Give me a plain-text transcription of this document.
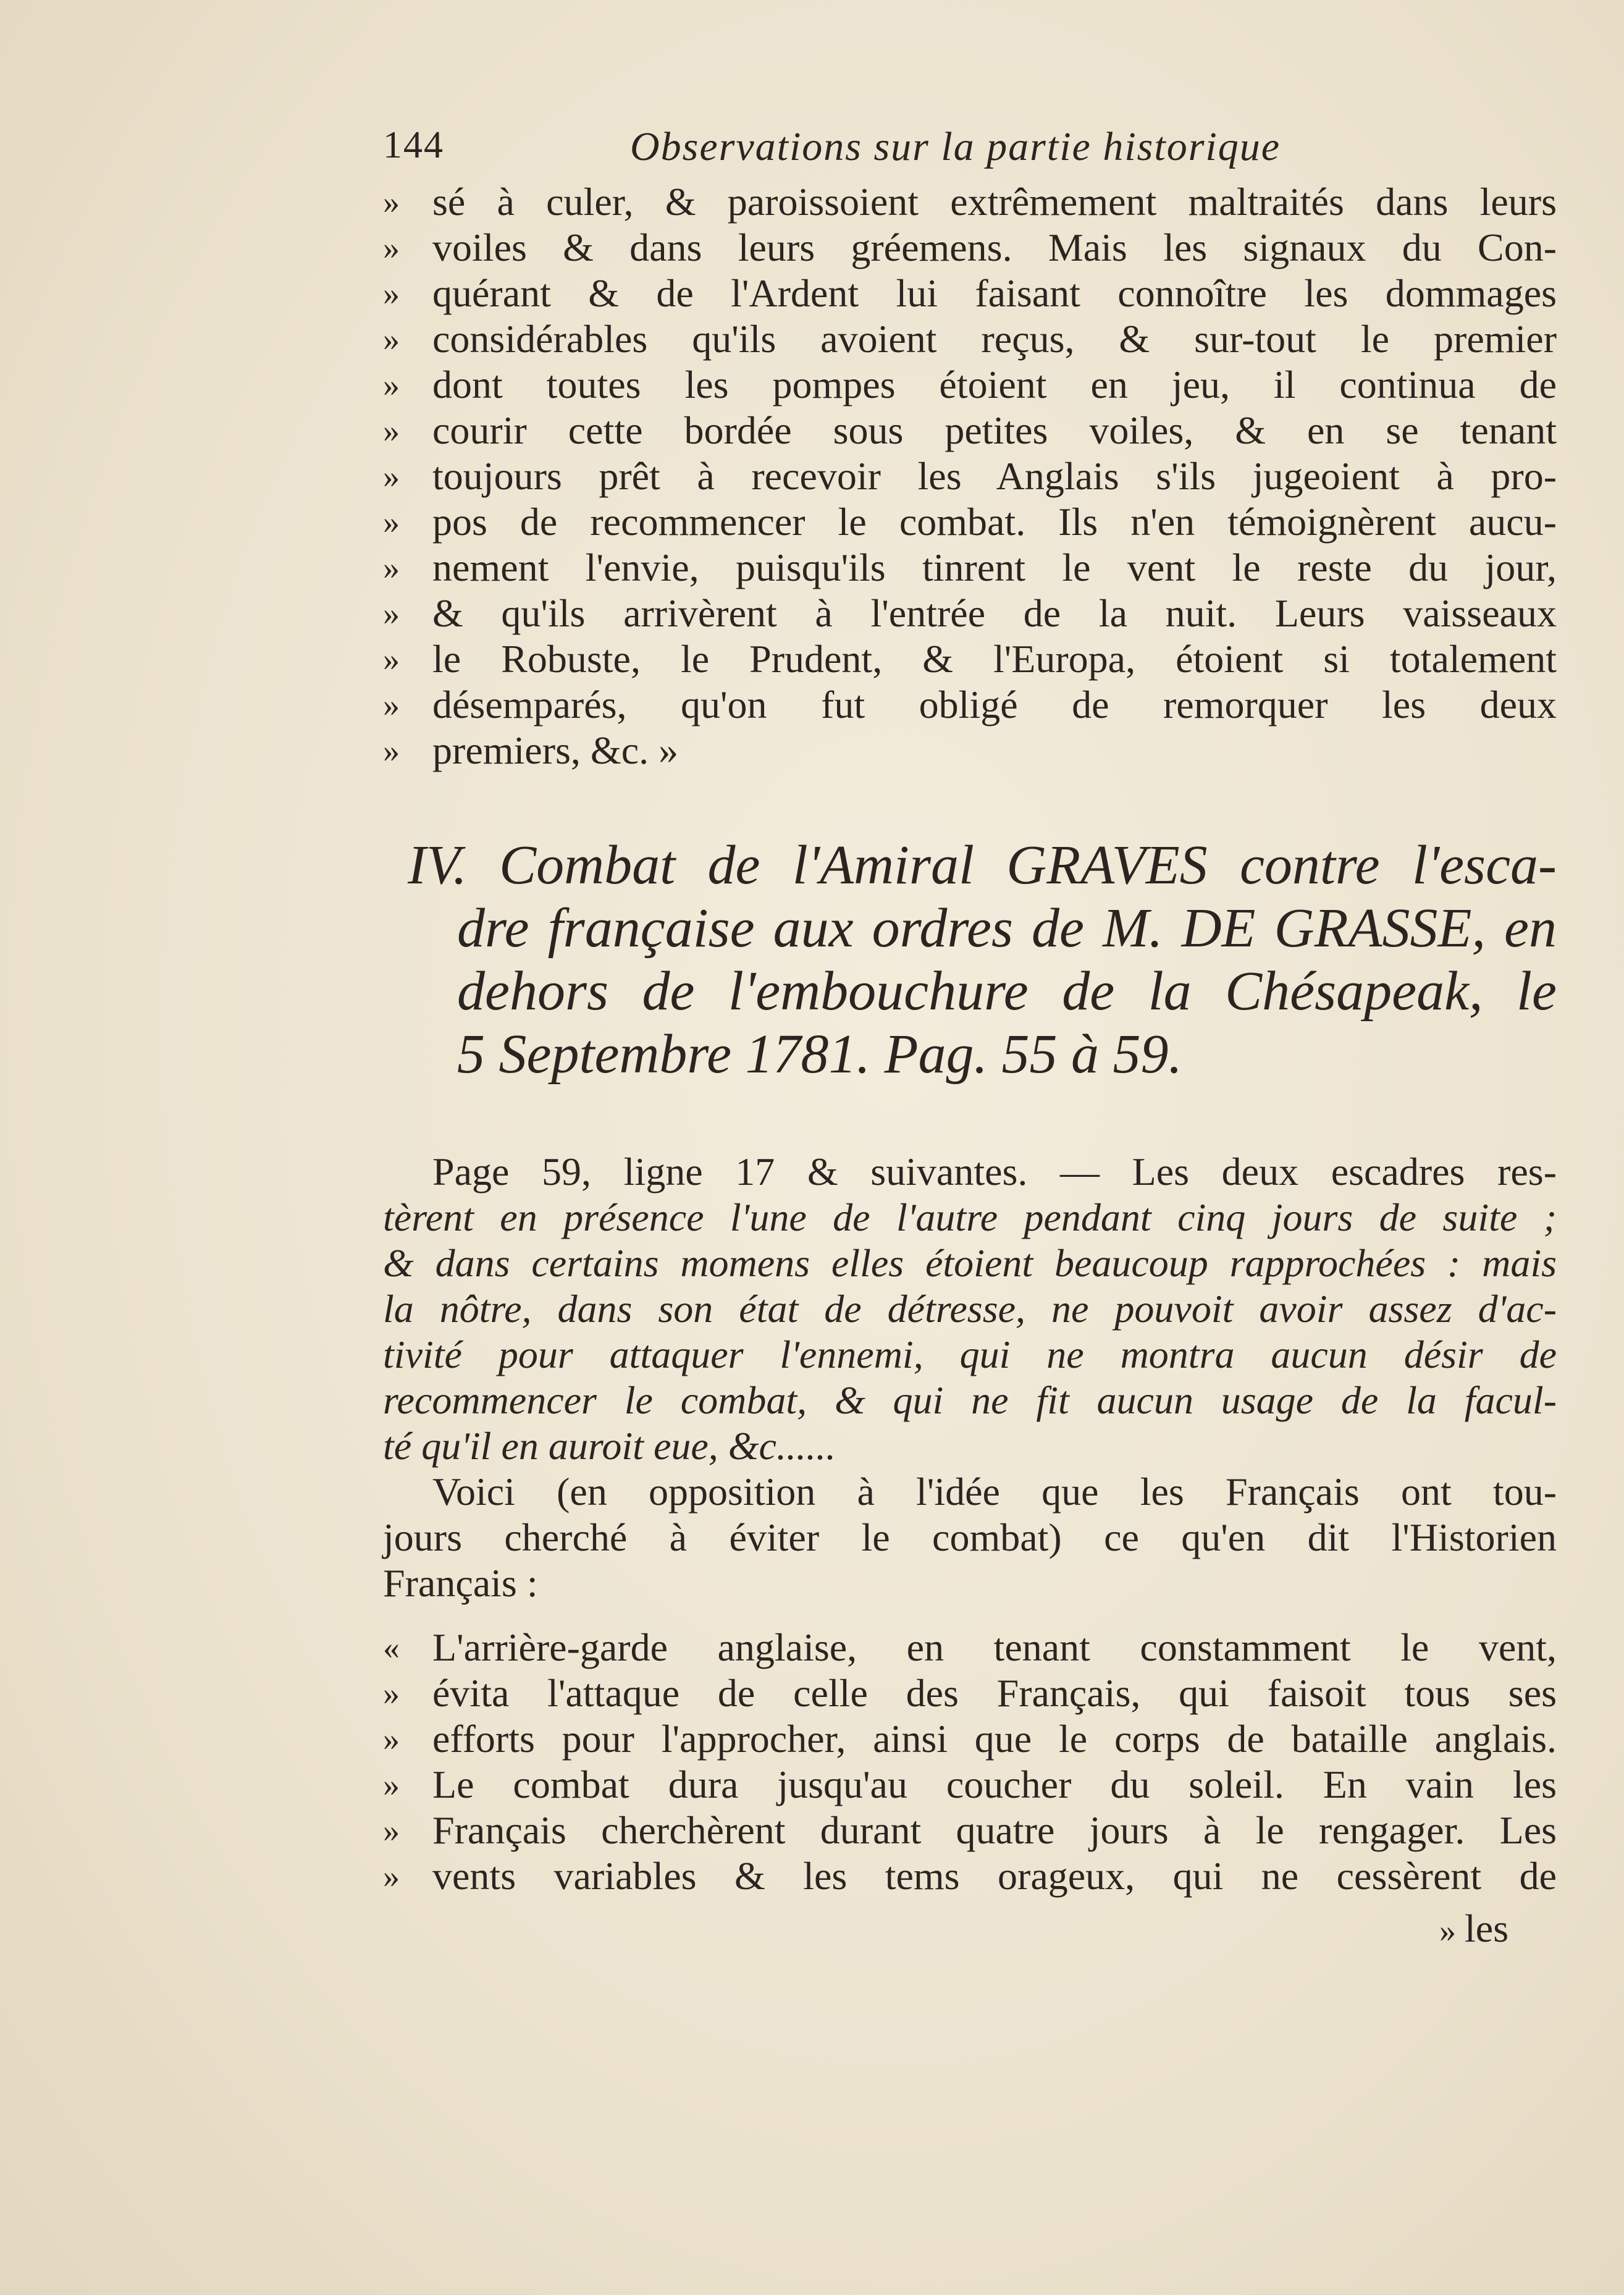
144	Observations sur la partie historique
» sé à culer, & paroissoient extrêmement maltraités dans leurs
» voiles & dans leurs gréemens. Mais les signaux du Con-
» quérant & de l'Ardent lui faisant connoître les dommages
» considérables qu'ils avoient reçus, & sur-tout le premier
» dont toutes les pompes étoient en jeu, il continua de
» courir cette bordée sous petites voiles, & en se tenant
» toujours prêt à recevoir les Anglais s'ils jugeoient à pro-
» pos de recommencer le combat. Ils n'en témoignèrent aucu-
» nement l'envie, puisqu'ils tinrent le vent le reste du jour,
» & qu'ils arrivèrent à l'entrée de la nuit. Leurs vaisseaux
» le Robuste, le Prudent, & l'Europa, étoient si totalement
» désemparés, qu'on fut obligé de remorquer les deux
» premiers, &c. »
IV. Combat de l'Amiral GRAVES contre l'esca-
dre française aux ordres de M. DE GRASSE, en
dehors de l'embouchure de la Chésapeak, le
5 Septembre 1781. Pag. 55 à 59.
Page 59, ligne 17 & suivantes. — Les deux escadres res-
tèrent en présence l'une de l'autre pendant cinq jours de suite ;
& dans certains momens elles étoient beaucoup rapprochées : mais
la nôtre, dans son état de détresse, ne pouvoit avoir assez d'ac-
tivité pour attaquer l'ennemi, qui ne montra aucun désir de
recommencer le combat, & qui ne fit aucun usage de la facul-
té qu'il en auroit eue, &c......
Voici (en opposition à l'idée que les Français ont tou-
jours cherché à éviter le combat) ce qu'en dit l'Historien
Français :
« L'arrière-garde anglaise, en tenant constamment le vent,
» évita l'attaque de celle des Français, qui faisoit tous ses
» efforts pour l'approcher, ainsi que le corps de bataille anglais.
» Le combat dura jusqu'au coucher du soleil. En vain les
» Français cherchèrent durant quatre jours à le rengager. Les
» vents variables & les tems orageux, qui ne cessèrent de
» les
